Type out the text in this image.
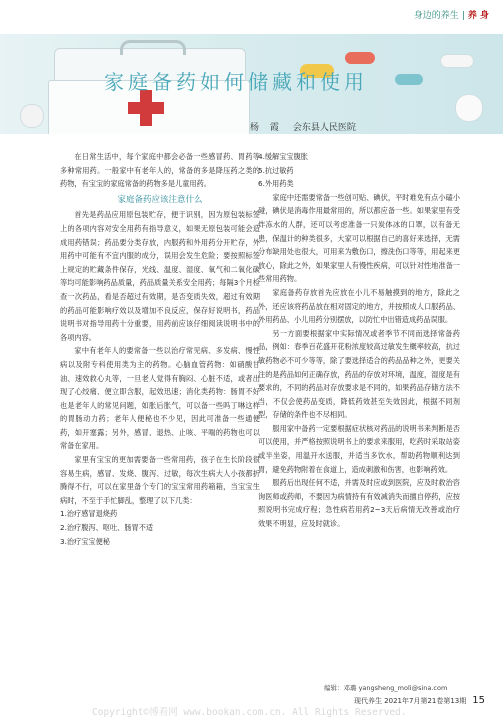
身边的养生 | 养 身
家庭备药如何储藏和使用
杨 霞 会东县人民医院

在日常生活中，每个家庭中都会必备一些感冒药、胃药等多种常用药。一般家中有老年人的，常备的多是降压药之类的药物，有宝宝的家庭常备的药物多是儿童用药。

家庭备药应该注意什么

首先是药品应用原包装贮存，便于识别，因为原包装标签上的各项内容对安全用药有指导意义，如果无原包装可能会造成用药错误；药品要分类存放，内服药和外用药分开贮存，外用药中可能有不宜内服的成分，误用会发生危险；要按照标签上规定的贮藏条件保存，光线、温度、湿度、氧气和二氧化碳等均可能影响药品质量，药品质量关系安全用药；每隔3个月检查一次药品，看是否超过有效期，是否变质失效，超过有效期的药品可能影响疗效以及增加不良反应，保存好说明书，药品说明书对指导用药十分重要，用药前应该仔细阅读说明书中的各项内容。

家中有老年人的要常备一些以治疗常见病、多发病、慢性病以及附专科使用类为主的药物。心脑血管药物：如硝酸甘油、速效救心丸等，一旦老人觉得有胸闷、心脏不适，或者出现了心绞痛、便立即含服，起效迅速；消化类药物：肠胃不好也是老年人的常见问题，如胀后胀气，可以备一些吗丁啉这样的胃肠动力药；老年人便秘也不少见，因此可准备一些通便药，如开塞露；另外，感冒、退热、止咳、平喘的药物也可以常备在家用。

家里有宝宝的更加需要备一些常用药，孩子在生长阶段很容易生病，感冒、发烧、腹泻、过敏，每次生病大人小孩都折腾得不行，可以在家里备个专门的宝宝常用药箱箱，当宝宝生病时，不至于手忙脚乱，整理了以下几类：

1.治疗感冒退烧药

2.治疗腹泻、呕吐、肠胃不适

3.治疗宝宝便秘

4.缓解宝宝腹胀

5.抗过敏药

6.外用药类

家庭中还需要常备一些创可贴、碘伏，平时难免有点小磕小碰，碘伏是消毒作用最常用的，所以都应备一些。如果家里有受炸冻水的人群，还可以考虑准备一只炭体冰的口罩，以有备无患，保温计的种类很多，大家可以根据自己的喜好来选择，无需分布缺用处也很大，可用来为敷伤口，擦洗伤口等等，用起来更放心，除此之外，如果家里人有慢性疾病，可以针对性地准备一些常用药物。

家庭备药存放首先应放在小儿不易触摸到的地方，除此之外，还应该将药品放在相对固定的地方，并按照成人口服药品、外用药品、小儿用药分别摆放，以防忙中出错造成药品误服。

另一方面要根据家中实际情况或者季节不同而选择常备药品，例如：春季百花盛开花粉浓度较高过敏发生概率较高，抗过敏药物必不可少等等，除了要选择适合的药品品种之外，更要关注的是药品如何正确存放，药品的存放对环境，温度，湿度是有要求的，不同的药品对存放要求是不同的，如果药品存储方法不当，不仅会使药品变质，降低药效甚至失效因此，根据不同剂型，存储的条件也不尽相同。

服用家中备药一定要根据症状核对药品的说明书来判断是否可以使用，并严格按照说明书上的要求来服用，吃药时采取站姿或半坐姿，用温开水送服，并适当多饮水，帮助药物顺利达到胃，避免药物附着在食道上，造成刺激和伤害，也影响药效。

服药后出现任何不适，并需及时应或到医院，应及时救治咨询医师或药师，不要因为病情持有有效减消失而擅自停药，应按照说明书完成疗程；急性病若用药2~3天后病情无改善或治疗效果不明显，应及时就诊。

编辑：邓璐 yangsheng_moli@sina.com
现代养生 2021年7月第21卷第13期 15
Copyright©博看网 www.bookan.com.cn. All Rights Reserved.
